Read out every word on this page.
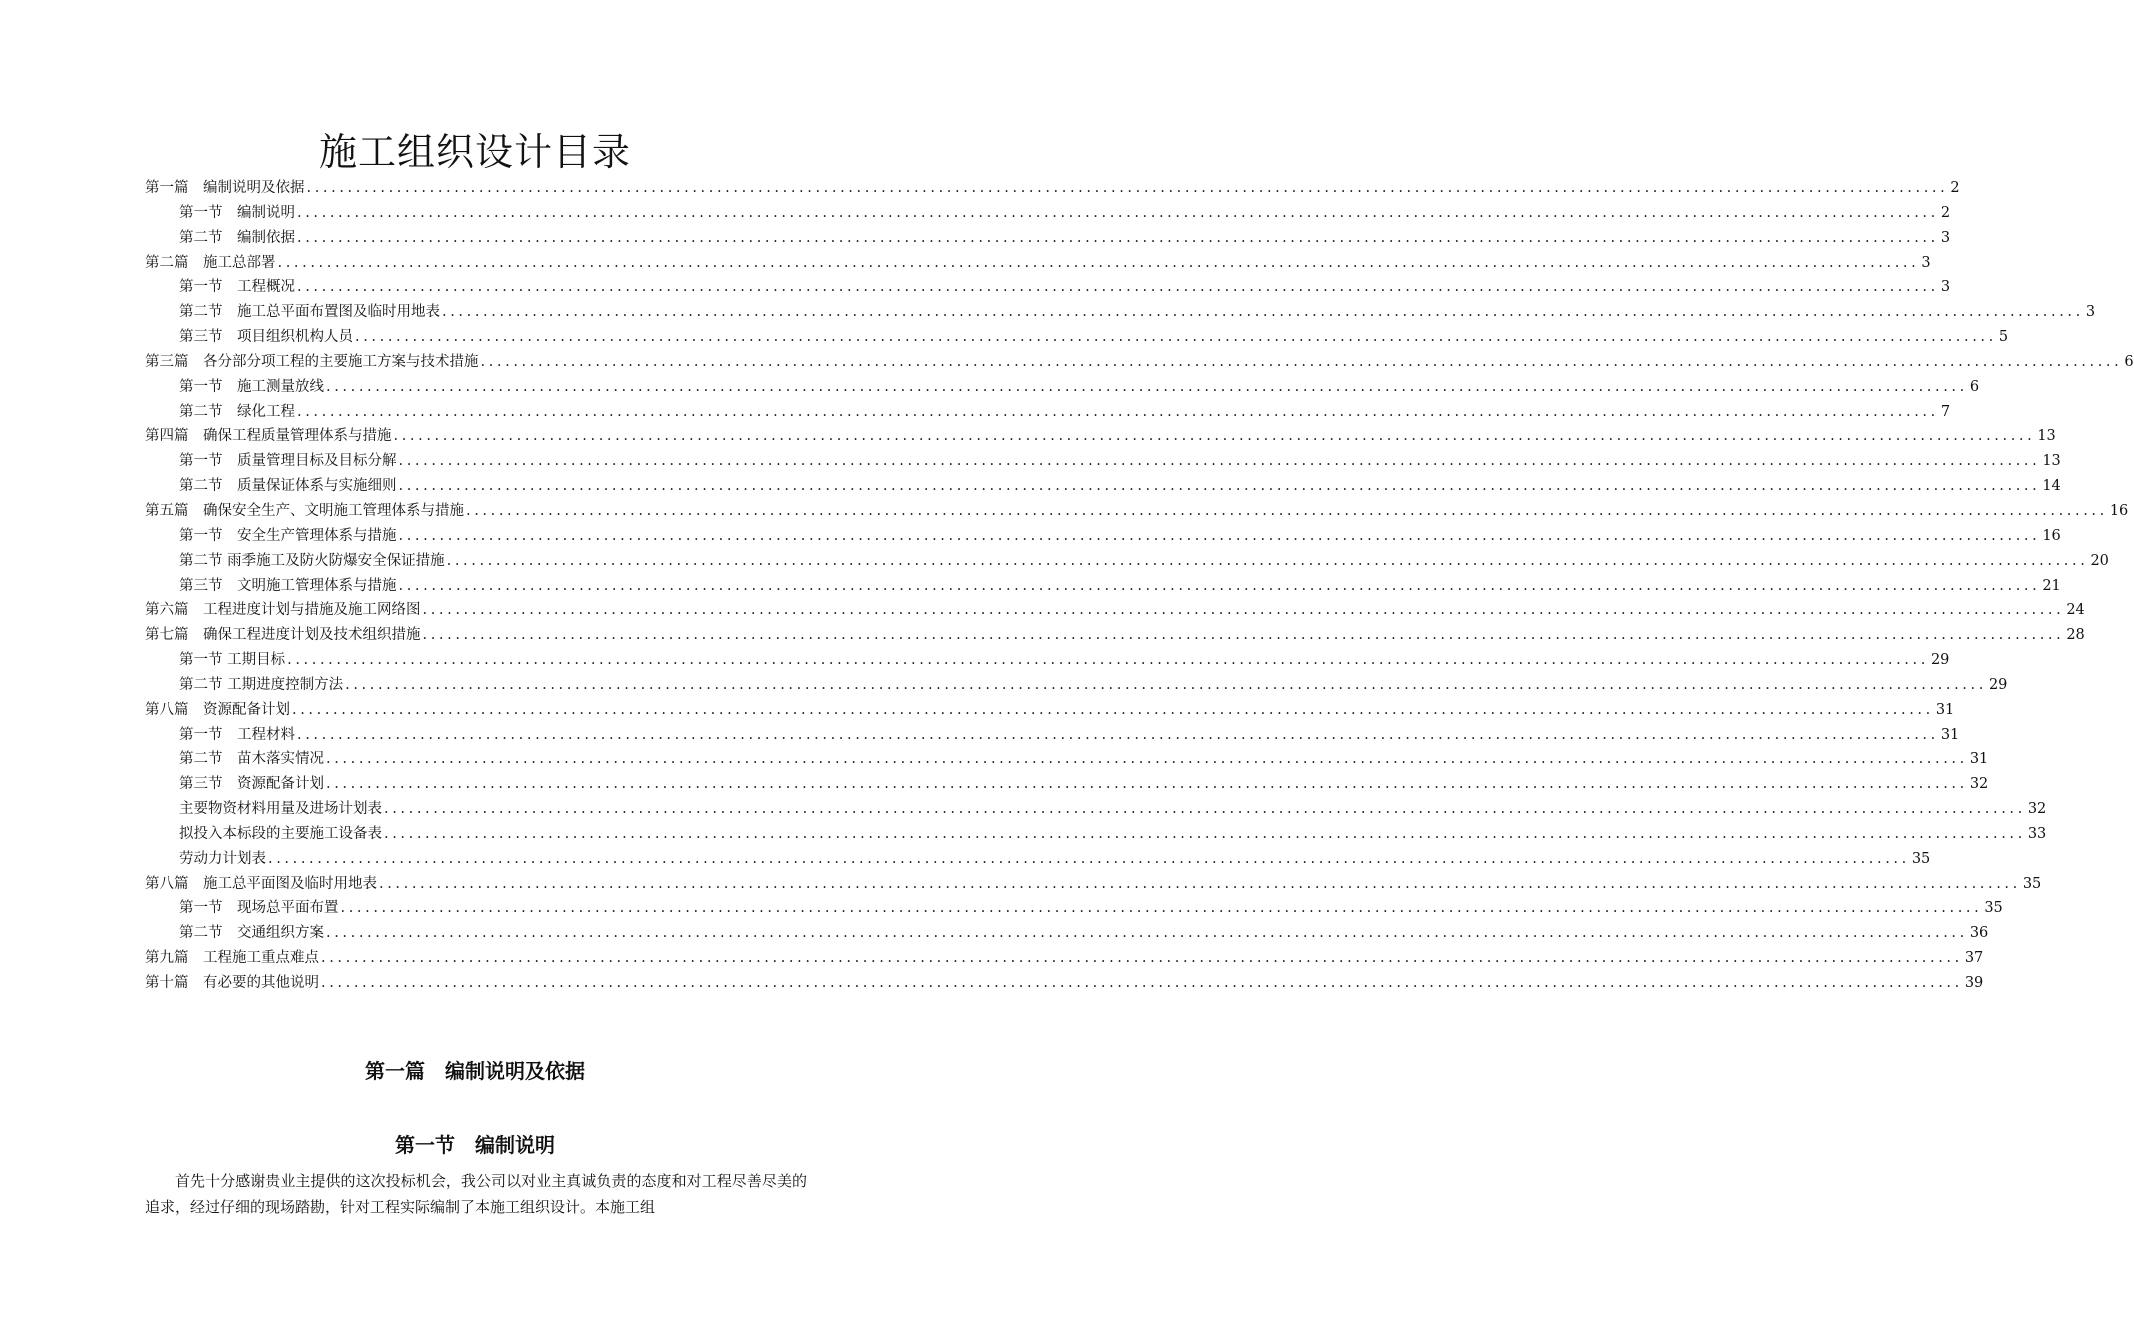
施工组织设计目录
第一篇　编制说明及依据 ........................................................................................................................................................................................................ 2
第一节　编制说明 ........................................................................................................................................................................................................ 2
第二节　编制依据 ........................................................................................................................................................................................................ 3
第二篇　施工总部署 ........................................................................................................................................................................................................ 3
第一节　工程概况 ........................................................................................................................................................................................................ 3
第二节　施工总平面布置图及临时用地表 ........................................................................................................................................................................................................ 3
第三节　项目组织机构人员 ........................................................................................................................................................................................................ 5
第三篇　各分部分项工程的主要施工方案与技术措施 ........................................................................................................................................................................................................ 6
第一节　施工测量放线 ........................................................................................................................................................................................................ 6
第二节　绿化工程 ........................................................................................................................................................................................................ 7
第四篇　确保工程质量管理体系与措施 ........................................................................................................................................................................................................ 13
第一节　质量管理目标及目标分解 ........................................................................................................................................................................................................ 13
第二节　质量保证体系与实施细则 ........................................................................................................................................................................................................ 14
第五篇　确保安全生产、文明施工管理体系与措施 ........................................................................................................................................................................................................ 16
第一节　安全生产管理体系与措施 ........................................................................................................................................................................................................ 16
第二节 雨季施工及防火防爆安全保证措施 ........................................................................................................................................................................................................ 20
第三节　文明施工管理体系与措施 ........................................................................................................................................................................................................ 21
第六篇　工程进度计划与措施及施工网络图 ........................................................................................................................................................................................................ 24
第七篇　确保工程进度计划及技术组织措施 ........................................................................................................................................................................................................ 28
第一节 工期目标 ........................................................................................................................................................................................................ 29
第二节 工期进度控制方法 ........................................................................................................................................................................................................ 29
第八篇　资源配备计划 ........................................................................................................................................................................................................ 31
第一节　工程材料 ........................................................................................................................................................................................................ 31
第二节　苗木落实情况 ........................................................................................................................................................................................................ 31
第三节　资源配备计划 ........................................................................................................................................................................................................ 32
主要物资材料用量及进场计划表 ........................................................................................................................................................................................................ 32
拟投入本标段的主要施工设备表 ........................................................................................................................................................................................................ 33
劳动力计划表 ........................................................................................................................................................................................................ 35
第八篇　施工总平面图及临时用地表 ........................................................................................................................................................................................................ 35
第一节　现场总平面布置 ........................................................................................................................................................................................................ 35
第二节　交通组织方案 ........................................................................................................................................................................................................ 36
第九篇　工程施工重点难点 ........................................................................................................................................................................................................ 37
第十篇　有必要的其他说明 ........................................................................................................................................................................................................ 39
第一篇　编制说明及依据
第一节　编制说明
首先十分感谢贵业主提供的这次投标机会，我公司以对业主真诚负责的态度和对工程尽善尽美的追求，经过仔细的现场踏勘，针对工程实际编制了本施工组织设计。本施工组
